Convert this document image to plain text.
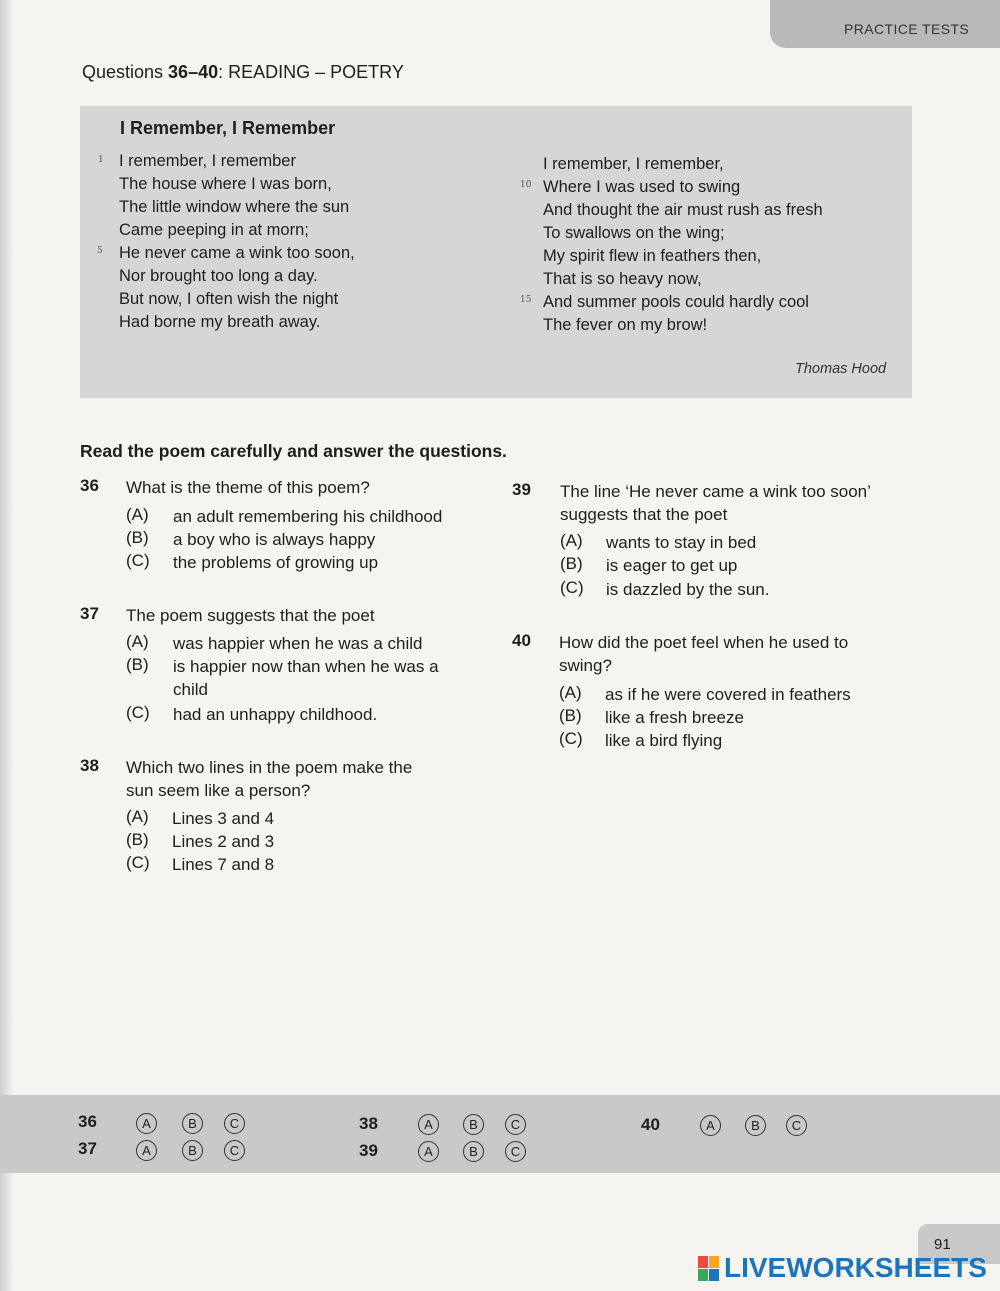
PRACTICE TESTS
Questions 36–40: READING – POETRY
I Remember, I Remember
I remember, I remember
The house where I was born,
The little window where the sun
Came peeping in at morn;
He never came a wink too soon,
Nor brought too long a day.
But now, I often wish the night
Had borne my breath away.
I remember, I remember,
Where I was used to swing
And thought the air must rush as fresh
To swallows on the wing;
My spirit flew in feathers then,
That is so heavy now,
And summer pools could hardly cool
The fever on my brow!
1
5
10
15
Thomas Hood
Read the poem carefully and answer the questions.
36 What is the theme of this poem?
(A) an adult remembering his childhood
(B) a boy who is always happy
(C) the problems of growing up
37 The poem suggests that the poet
(A) was happier when he was a child
(B) is happier now than when he was a
child
(C) had an unhappy childhood.
38 Which two lines in the poem make the
sun seem like a person?
(A) Lines 3 and 4
(B) Lines 2 and 3
(C) Lines 7 and 8
39 The line ‘He never came a wink too soon’
suggests that the poet
(A) wants to stay in bed
(B) is eager to get up
(C) is dazzled by the sun.
40 How did the poet feel when he used to
swing?
(A) as if he were covered in feathers
(B) like a fresh breeze
(C) like a bird flying
36	A	B	C
37	A	B	C
38	A	B	C
39	A	B	C
40	A	B	C
91
LIVEWORKSHEETS
